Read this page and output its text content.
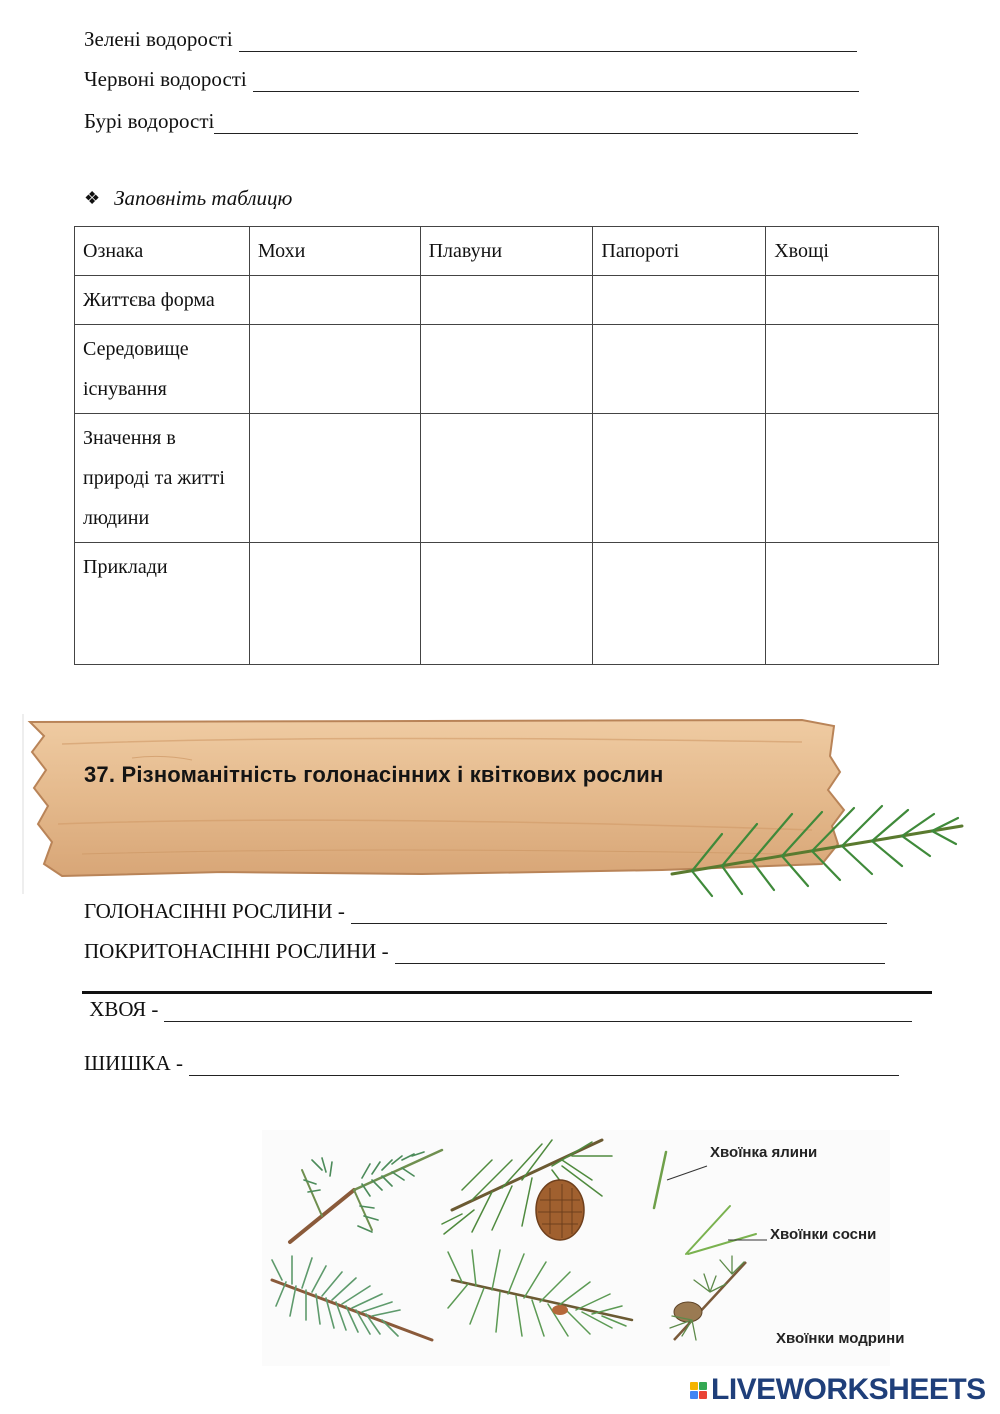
Зелені водорості
Червоні водорості
Бурі водорості
❖ Заповніть таблицю
Ознака	Мохи	Плавуни	Папороті	Хвощі
Життєва форма				
Середовище існування				
Значення в природі та житті людини				
Приклади				
37. Різноманітність голонасінних і квіткових рослин
ГОЛОНАСІННІ РОСЛИНИ -
ПОКРИТОНАСІННІ РОСЛИНИ -
ХВОЯ -
ШИШКА -
Хвоїнка ялини
Хвоїнки сосни
Хвоїнки модрини
LIVEWORKSHEETS
